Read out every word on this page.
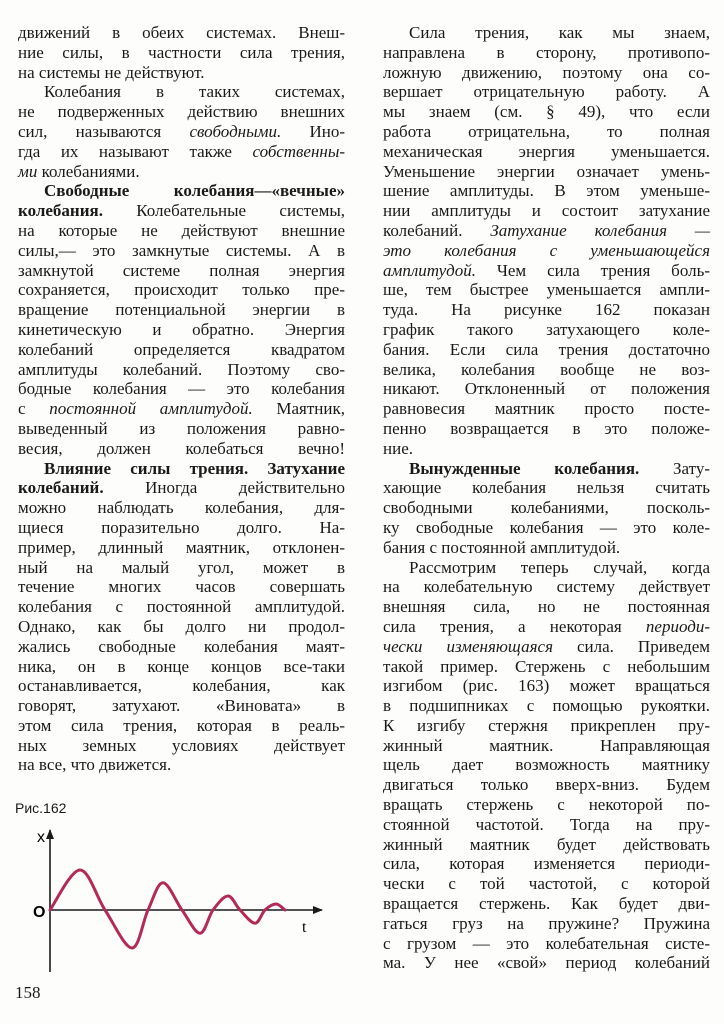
движений в обеих системах. Внеш-
ние силы, в частности сила трения,
на системы не действуют.
Колебания в таких системах,
не подверженных действию внешних
сил, называются свободными. Ино-
гда их называют также собственны-
ми колебаниями.
Свободные колебания—«вечные»
колебания. Колебательные системы,
на которые не действуют внешние
силы,— это замкнутые системы. А в
замкнутой системе полная энергия
сохраняется, происходит только пре-
вращение потенциальной энергии в
кинетическую и обратно. Энергия
колебаний определяется квадратом
амплитуды колебаний. Поэтому сво-
бодные колебания — это колебания
с постоянной амплитудой. Маятник,
выведенный из положения равно-
весия, должен колебаться вечно!
Влияние силы трения. Затухание
колебаний. Иногда действительно
можно наблюдать колебания, для-
щиеся поразительно долго. На-
пример, длинный маятник, отклонен-
ный на малый угол, может в
течение многих часов совершать
колебания с постоянной амплитудой.
Однако, как бы долго ни продол-
жались свободные колебания маят-
ника, он в конце концов все-таки
останавливается, колебания, как
говорят, затухают. «Виновата» в
этом сила трения, которая в реаль-
ных земных условиях действует
на все, что движется.
Сила трения, как мы знаем,
направлена в сторону, противопо-
ложную движению, поэтому она со-
вершает отрицательную работу. А
мы знаем (см. § 49), что если
работа отрицательна, то полная
механическая энергия уменьшается.
Уменьшение энергии означает умень-
шение амплитуды. В этом уменьше-
нии амплитуды и состоит затухание
колебаний. Затухание колебания —
это колебания с уменьшающейся
амплитудой. Чем сила трения боль-
ше, тем быстрее уменьшается ампли-
туда. На рисунке 162 показан
график такого затухающего коле-
бания. Если сила трения достаточно
велика, колебания вообще не воз-
никают. Отклоненный от положения
равновесия маятник просто посте-
пенно возвращается в это положе-
ние.
Вынужденные колебания. Зату-
хающие колебания нельзя считать
свободными колебаниями, посколь-
ку свободные колебания — это коле-
бания с постоянной амплитудой.
Рассмотрим теперь случай, когда
на колебательную систему действует
внешняя сила, но не постоянная
сила трения, а некоторая периоди-
чески изменяющаяся сила. Приведем
такой пример. Стержень с небольшим
изгибом (рис. 163) может вращаться
в подшипниках с помощью рукоятки.
К изгибу стержня прикреплен пру-
жинный маятник. Направляющая
щель дает возможность маятнику
двигаться только вверх-вниз. Будем
вращать стержень с некоторой по-
стоянной частотой. Тогда на пру-
жинный маятник будет действовать
сила, которая изменяется периоди-
чески с той частотой, с которой
вращается стержень. Как будет дви-
гаться груз на пружине? Пружина
с грузом — это колебательная систе-
ма. У нее «свой» период колебаний
Рис.162
x
O
t
158
